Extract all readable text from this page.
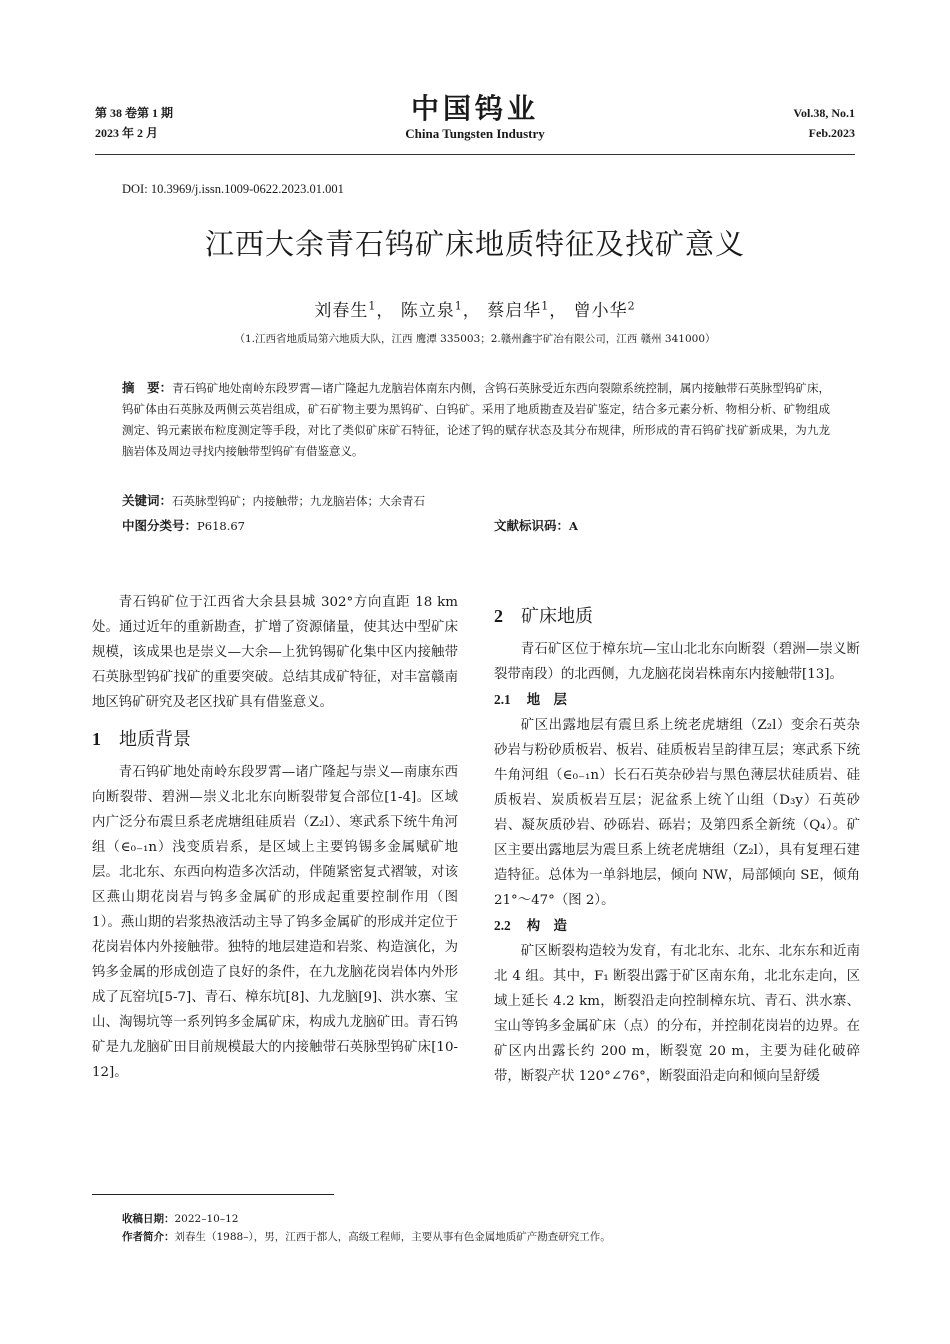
第 38 卷第 1 期
2023 年 2 月
中国钨业
China Tungsten Industry
Vol.38, No.1
Feb.2023
DOI: 10.3969/j.issn.1009-0622.2023.01.001
江西大余青石钨矿床地质特征及找矿意义
刘春生$^1$， 陈立泉$^1$， 蔡启华$^1$， 曾小华$^2$
（1.江西省地质局第六地质大队，江西 鹰潭 335003；2.赣州鑫宇矿冶有限公司，江西 赣州 341000）
摘　要：青石钨矿地处南岭东段罗霄—诸广隆起九龙脑岩体南东内侧，含钨石英脉受近东西向裂隙系统控制，属内接触带石英脉型钨矿床，钨矿体由石英脉及两侧云英岩组成，矿石矿物主要为黑钨矿、白钨矿。采用了地质勘查及岩矿鉴定，结合多元素分析、物相分析、矿物组成测定、钨元素嵌布粒度测定等手段，对比了类似矿床矿石特征，论述了钨的赋存状态及其分布规律，所形成的青石钨矿找矿新成果，为九龙脑岩体及周边寻找内接触带型钨矿有借鉴意义。
关键词：石英脉型钨矿；内接触带；九龙脑岩体；大余青石
中图分类号：P618.67	文献标识码：A

青石钨矿位于江西省大余县县城 302°方向直距 18 km 处。通过近年的重新勘查，扩增了资源储量，使其达中型矿床规模，该成果也是崇义—大余—上犹钨锡矿化集中区内接触带石英脉型钨矿找矿的重要突破。总结其成矿特征，对丰富赣南地区钨矿研究及老区找矿具有借鉴意义。

1 地质背景

青石钨矿地处南岭东段罗霄—诸广隆起与崇义—南康东西向断裂带、碧洲—崇义北北东向断裂带复合部位[1-4]。区域内广泛分布震旦系老虎塘组硅质岩（Z₂l）、寒武系下统牛角河组（∈₀₋₁n）浅变质岩系，是区域上主要钨锡多金属赋矿地层。北北东、东西向构造多次活动，伴随紧密复式褶皱，对该区燕山期花岗岩与钨多金属矿的形成起重要控制作用（图 1）。燕山期的岩浆热液活动主导了钨多金属矿的形成并定位于花岗岩体内外接触带。独特的地层建造和岩浆、构造演化，为钨多金属的形成创造了良好的条件，在九龙脑花岗岩体内外形成了瓦窑坑[5-7]、青石、樟东坑[8]、九龙脑[9]、洪水寨、宝山、淘锡坑等一系列钨多金属矿床，构成九龙脑矿田。青石钨矿是九龙脑矿田目前规模最大的内接触带石英脉型钨矿床[10-12]。

2 矿床地质

青石矿区位于樟东坑—宝山北北东向断裂（碧洲—崇义断裂带南段）的北西侧，九龙脑花岗岩株南东内接触带[13]。

2.1 地　层

矿区出露地层有震旦系上统老虎塘组（Z₂l）变余石英杂砂岩与粉砂质板岩、板岩、硅质板岩呈韵律互层；寒武系下统牛角河组（∈₀₋₁n）长石石英杂砂岩与黑色薄层状硅质岩、硅质板岩、炭质板岩互层；泥盆系上统丫山组（D₃y）石英砂岩、凝灰质砂岩、砂砾岩、砾岩；及第四系全新统（Q₄）。矿区主要出露地层为震旦系上统老虎塘组（Z₂l），具有复理石建造特征。总体为一单斜地层，倾向 NW，局部倾向 SE，倾角 21°～47°（图 2）。

2.2 构　造

矿区断裂构造较为发育，有北北东、北东、北东东和近南北 4 组。其中，F₁ 断裂出露于矿区南东角，北北东走向，区域上延长 4.2 km，断裂沿走向控制樟东坑、青石、洪水寨、宝山等钨多金属矿床（点）的分布，并控制花岗岩的边界。在矿区内出露长约 200 m，断裂宽 20 m，主要为硅化破碎带，断裂产状 120°∠76°，断裂面沿走向和倾向呈舒缓

收稿日期：2022–10–12
作者简介：刘春生（1988–），男，江西于都人，高级工程师，主要从事有色金属地质矿产勘查研究工作。
